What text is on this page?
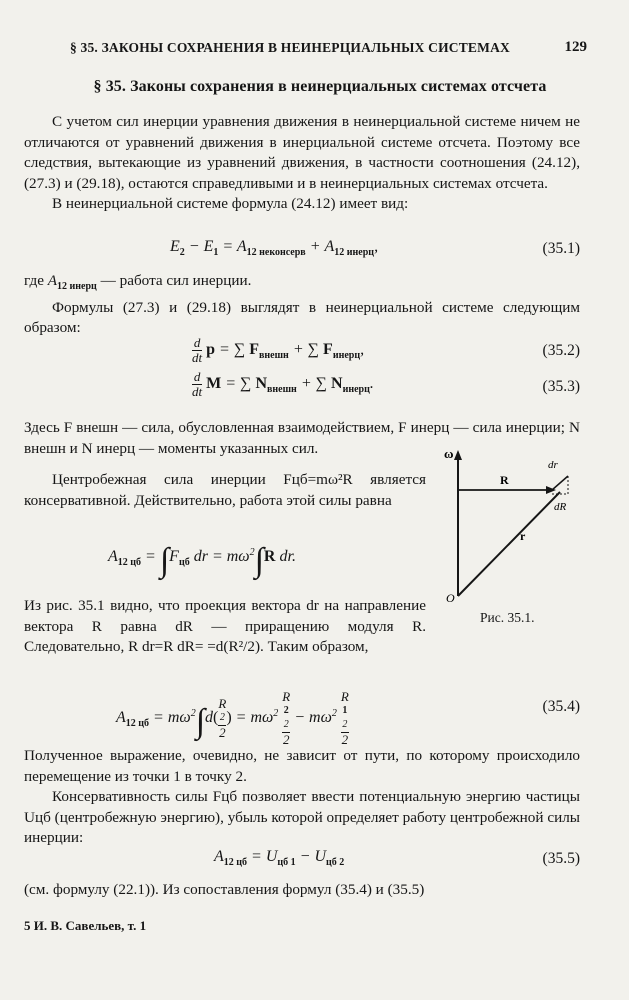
§ 35. ЗАКОНЫ СОХРАНЕНИЯ В НЕИНЕРЦИАЛЬНЫХ СИСТЕМАХ	129
§ 35. Законы сохранения в неинерциальных системах отсчета
С учетом сил инерции уравнения движения в неинерциальной системе ничем не отличаются от уравнений движения в инерциальной системе отсчета. Поэтому все следствия, вытекающие из уравнений движения, в частности соотношения (24.12), (27.3) и (29.18), остаются справедливыми и в неинерциальных системах отсчета.
В неинерциальной системе формула (24.12) имеет вид:
$E_2 - E_1 = A_{12 неконсерв} + A_{12 инерц}$,	(35.1)
где $A_{12 инерц}$ — работа сил инерции.
Формулы (27.3) и (29.18) выглядят в неинерциальной системе следующим образом:
$\frac{d}{dt}$ p = ∑ $F_{внешн}$ + ∑ $F_{инерц}$,	(35.2)
$\frac{d}{dt}$ M = ∑ $N_{внешн}$ + ∑ $N_{инерц}$.	(35.3)
Здесь F внешн — сила, обусловленная взаимодействием, F инерц — сила инерции; N внешн и N инерц — моменты указанных сил.
Центробежная сила инерции Fцб=mω²R является консервативной. Действительно, работа этой силы равна
$A_{12 цб} = \int F_{цб}$ dr = $m\omega^2\int R$ dr.
Из рис. 35.1 видно, что проекция вектора dr на направление вектора R равна dR — приращению модуля R. Следовательно, R dr=R dR= =d(R²/2). Таким образом,
ω
R
dr
dR
r
O
Рис. 35.1.
$A_{12 цб} = m\omega^2\int d$( R
2
2 ) = $m\omega^2$ R
2
2
$2 - m\omega^2$ R
1
2
2	(35.4)
Полученное выражение, очевидно, не зависит от пути, по которому происходило перемещение из точки 1 в точку 2.
Консервативность силы Fцб позволяет ввести потенциальную энергию частицы Uцб (центробежную энергию), убыль которой определяет работу центробежной силы инерции:
$A_{12 цб} = U_{цб 1} - U_{цб 2}$	(35.5)
(см. формулу (22.1)). Из сопоставления формул (35.4) и (35.5)
5 И. В. Савельев, т. 1
